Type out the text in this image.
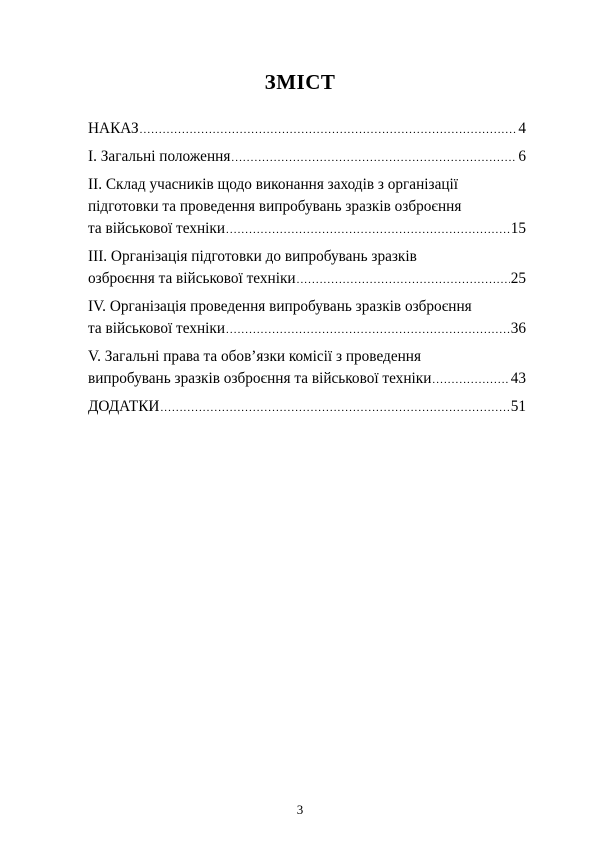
ЗМІСТ
НАКАЗ .....	4
I. Загальні положення .....	6
II. Склад учасників щодо виконання заходів з організації
підготовки та проведення випробувань зразків озброєння
та військової техніки .....	15
III. Організація підготовки до випробувань зразків
озброєння та військової техніки .....	25
IV. Організація проведення випробувань зразків озброєння
та військової техніки .....	36
V. Загальні права та обов’язки комісії з проведення
випробувань зразків озброєння та військової техніки .....	43
ДОДАТКИ .....	51
3
